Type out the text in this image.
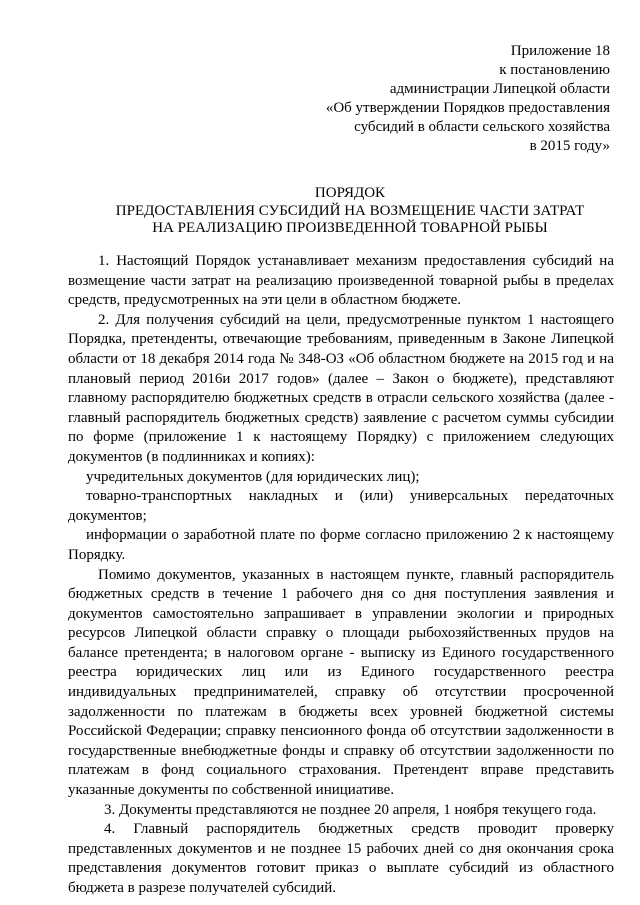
Приложение 18
к постановлению
администрации Липецкой области
«Об утверждении Порядков предоставления
субсидий в области сельского хозяйства
в 2015 году»
ПОРЯДОК
ПРЕДОСТАВЛЕНИЯ СУБСИДИЙ НА ВОЗМЕЩЕНИЕ ЧАСТИ ЗАТРАТ
НА РЕАЛИЗАЦИЮ ПРОИЗВЕДЕННОЙ ТОВАРНОЙ РЫБЫ

1. Настоящий Порядок устанавливает механизм предоставления субсидий на возмещение части затрат на реализацию произведенной товарной рыбы в пределах средств, предусмотренных на эти цели в областном бюджете.

2. Для получения субсидий на цели, предусмотренные пунктом 1 настоящего Порядка, претенденты, отвечающие требованиям, приведенным в Законе Липецкой области от 18 декабря 2014 года № 348-ОЗ «Об областном бюджете на 2015 год и на плановый период 2016и 2017 годов» (далее – Закон о бюджете), представляют главному распорядителю бюджетных средств в отрасли сельского хозяйства (далее - главный распорядитель бюджетных средств) заявление с расчетом суммы субсидии по форме (приложение 1 к настоящему Порядку) с приложением следующих документов (в подлинниках и копиях):

учредительных документов (для юридических лиц);

товарно-транспортных накладных и (или) универсальных передаточных документов;

информации о заработной плате по форме согласно приложению 2 к настоящему Порядку.

Помимо документов, указанных в настоящем пункте, главный распорядитель бюджетных средств в течение 1 рабочего дня со дня поступления заявления и документов самостоятельно запрашивает в управлении экологии и природных ресурсов Липецкой области справку о площади рыбохозяйственных прудов на балансе претендента; в налоговом органе - выписку из Единого государственного реестра юридических лиц или из Единого государственного реестра индивидуальных предпринимателей, справку об отсутствии просроченной задолженности по платежам в бюджеты всех уровней бюджетной системы Российской Федерации; справку пенсионного фонда об отсутствии задолженности в государственные внебюджетные фонды и справку об отсутствии задолженности по платежам в фонд социального страхования. Претендент вправе представить указанные документы по собственной инициативе.

3. Документы представляются не позднее 20 апреля, 1 ноября текущего года.

4. Главный распорядитель бюджетных средств проводит проверку представленных документов и не позднее 15 рабочих дней со дня окончания срока представления документов готовит приказ о выплате субсидий из областного бюджета в разрезе получателей субсидий.
